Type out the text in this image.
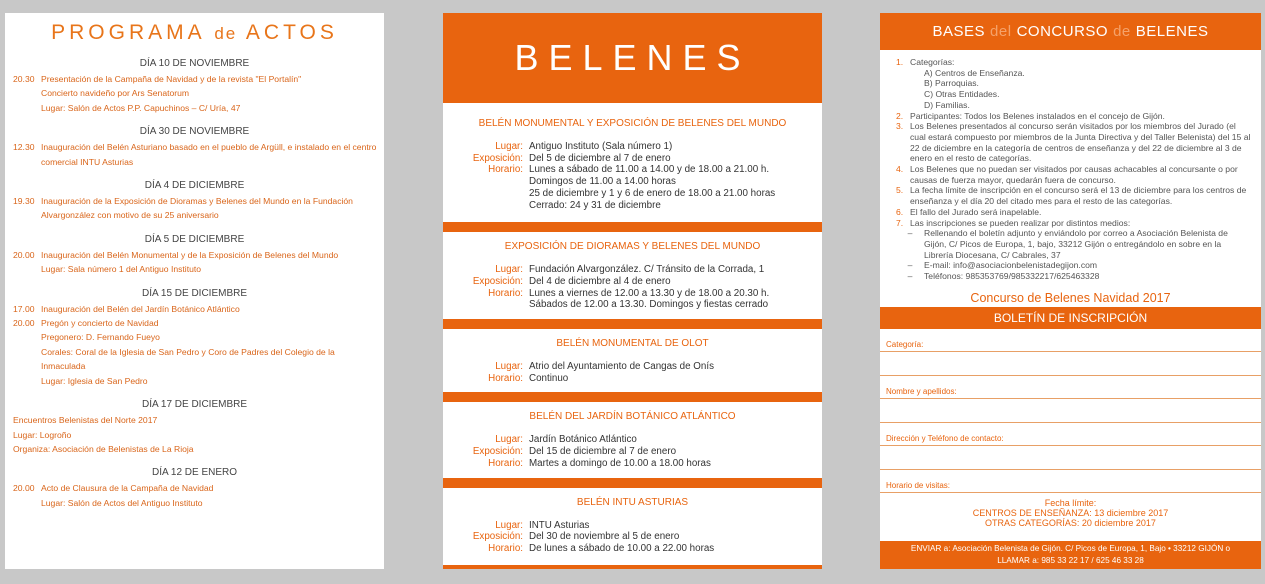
PROGRAMA de ACTOS
DÍA 10 DE NOVIEMBRE
20.30 Presentación de la Campaña de Navidad y de la revista "El Portalín"
Concierto navideño por Ars Senatorum
Lugar: Salón de Actos P.P. Capuchinos – C/ Uría, 47
DÍA 30 DE NOVIEMBRE
12.30 Inauguración del Belén Asturiano basado en el pueblo de Argüll, e instalado en el centro comercial INTU Asturias
DÍA 4 DE DICIEMBRE
19.30 Inauguración de la Exposición de Dioramas y Belenes del Mundo en la Fundación Alvargonzález con motivo de su 25 aniversario
DÍA 5 DE DICIEMBRE
20.00 Inauguración del Belén Monumental y de la Exposición de Belenes del Mundo
Lugar: Sala número 1 del Antiguo Instituto
DÍA 15 DE DICIEMBRE
17.00 Inauguración del Belén del Jardín Botánico Atlántico
20.00 Pregón y concierto de Navidad
Pregonero: D. Fernando Fueyo
Corales: Coral de la Iglesia de San Pedro y Coro de Padres del Colegio de la Inmaculada
Lugar: Iglesia de San Pedro
DÍA 17 DE DICIEMBRE
Encuentros Belenistas del Norte 2017
Lugar: Logroño
Organiza: Asociación de Belenistas de La Rioja
DÍA 12 DE ENERO
20.00 Acto de Clausura de la Campaña de Navidad
Lugar: Salón de Actos del Antiguo Instituto
BELENES
BELÉN MONUMENTAL Y EXPOSICIÓN DE BELENES DEL MUNDO
Lugar: Antiguo Instituto (Sala número 1)
Exposición: Del 5 de diciembre al 7 de enero
Horario: Lunes a sábado de 11.00 a 14.00 y de 18.00 a 21.00 h.
Domingos de 11.00 a 14.00 horas
25 de diciembre y 1 y 6 de enero de 18.00 a 21.00 horas
Cerrado: 24 y 31 de diciembre
EXPOSICIÓN DE DIORAMAS Y BELENES DEL MUNDO
Lugar: Fundación Alvargonzález. C/ Tránsito de la Corrada, 1
Exposición: Del 4 de diciembre al 4 de enero
Horario: Lunes a viernes de 12.00 a 13.30 y de 18.00 a 20.30 h.
Sábados de 12.00 a 13.30. Domingos y fiestas cerrado
BELÉN MONUMENTAL DE OLOT
Lugar: Atrio del Ayuntamiento de Cangas de Onís
Horario: Continuo
BELÉN DEL JARDÍN BOTÁNICO ATLÁNTICO
Lugar: Jardín Botánico Atlántico
Exposición: Del 15 de diciembre al 7 de enero
Horario: Martes a domingo de 10.00 a 18.00 horas
BELÉN INTU ASTURIAS
Lugar: INTU Asturias
Exposición: Del 30 de noviembre al 5 de enero
Horario: De lunes a sábado de 10.00 a 22.00 horas
BASES del CONCURSO de BELENES
1. Categorías:
A) Centros de Enseñanza.
B) Parroquias.
C) Otras Entidades.
D) Familias.
2. Participantes: Todos los Belenes instalados en el concejo de Gijón.
3. Los Belenes presentados al concurso serán visitados por los miembros del Jurado (el cual estará compuesto por miembros de la Junta Directiva y del Taller Belenista) del 15 al 22 de diciembre en la categoría de centros de enseñanza y del 22 de diciembre al 3 de enero en el resto de categorías.
4. Los Belenes que no puedan ser visitados por causas achacables al concursante o por causas de fuerza mayor, quedarán fuera de concurso.
5. La fecha límite de inscripción en el concurso será el 13 de diciembre para los centros de enseñanza y el día 20 del citado mes para el resto de las categorías.
6. El fallo del Jurado será inapelable.
7. Las inscripciones se pueden realizar por distintos medios:
–	Rellenando el boletín adjunto y enviándolo por correo a Asociación Belenista de Gijón, C/ Picos de Europa, 1, bajo, 33212 Gijón o entregándolo en sobre en la Librería Diocesana, C/ Cabrales, 37
–	E-mail: info@asociacionbelenistadegijon.com
–	Teléfonos: 985353769/985332217/625463328
Concurso de Belenes Navidad 2017
BOLETÍN DE INSCRIPCIÓN
Categoría:
Nombre y apellidos:
Dirección y Teléfono de contacto:
Horario de visitas:
Fecha límite:
CENTROS DE ENSEÑANZA: 13 diciembre 2017
OTRAS CATEGORÍAS: 20 diciembre 2017
ENVIAR a: Asociación Belenista de Gijón. C/ Picos de Europa, 1, Bajo • 33212 GIJÓN o
LLAMAR a: 985 33 22 17 / 625 46 33 28
